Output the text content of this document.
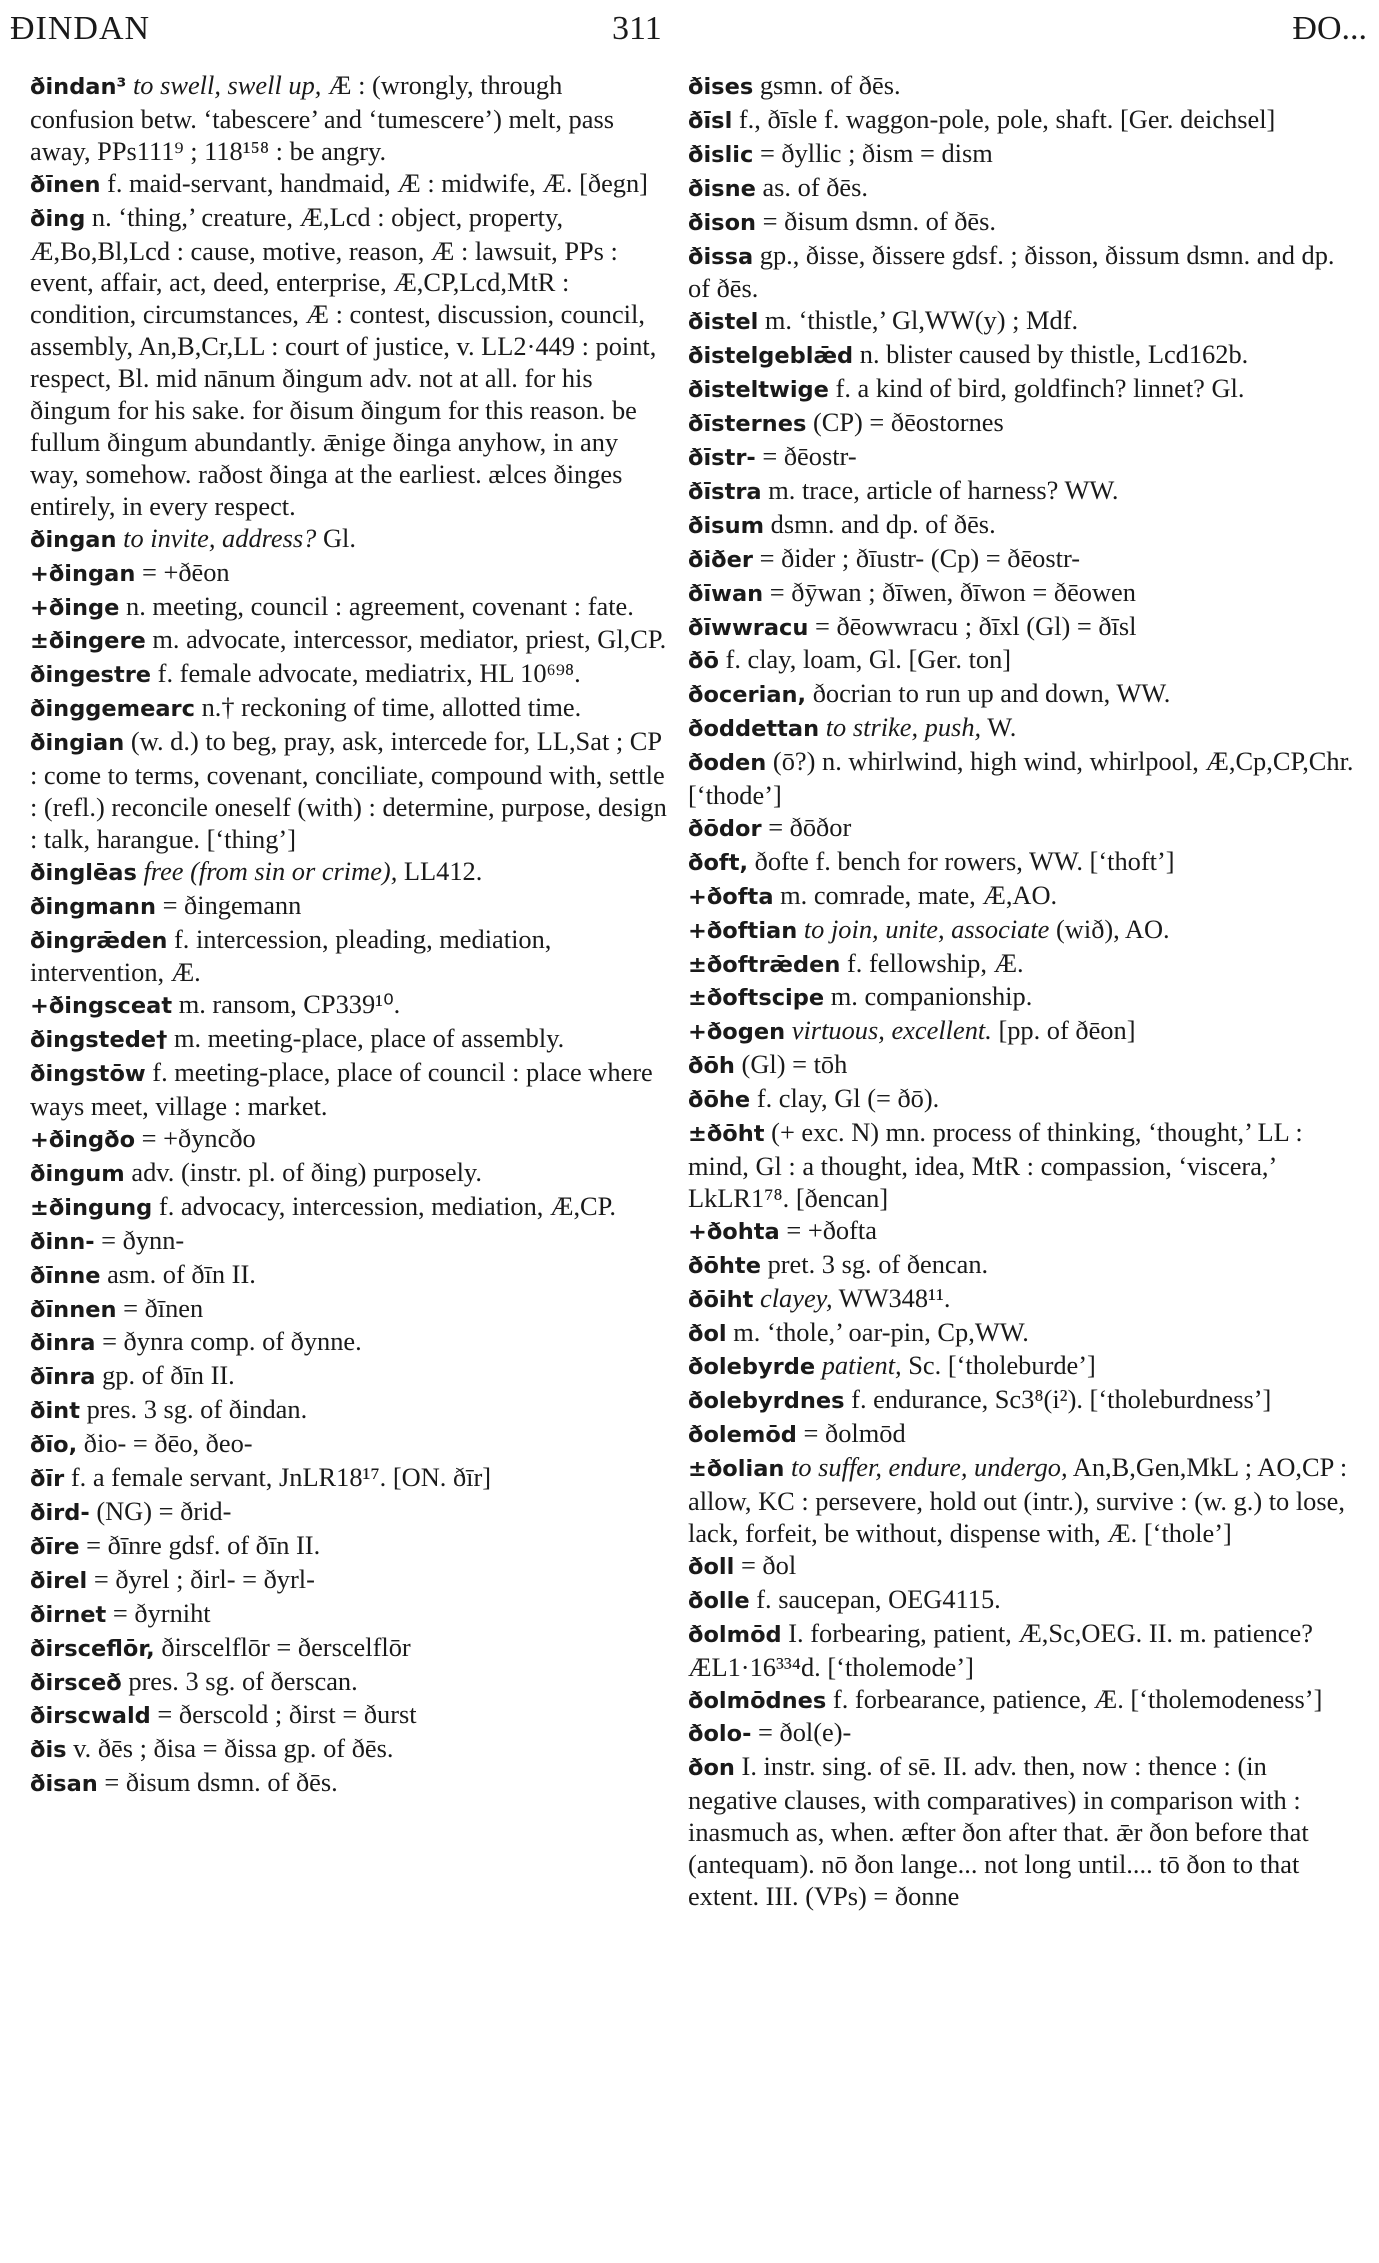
ÐINDAN	311	ÐO...

ðindan³ to swell, swell up, Æ : (wrongly, through confusion betw. ‘tabescere’ and ‘tumescere’) melt, pass away, PPs111⁹ ; 118¹⁵⁸ : be angry.

ðīnen f. maid-servant, handmaid, Æ : midwife, Æ. [ðegn]

ðing n. ‘thing,’ creature, Æ,Lcd : object, property, Æ,Bo,Bl,Lcd : cause, motive, reason, Æ : lawsuit, PPs : event, affair, act, deed, enterprise, Æ,CP,Lcd,MtR : condition, circumstances, Æ : contest, discussion, council, assembly, An,B,Cr,LL : court of justice, v. LL2·449 : point, respect, Bl. mid nānum ðingum adv. not at all. for his ðingum for his sake. for ðisum ðingum for this reason. be fullum ðingum abundantly. ǣnige ðinga anyhow, in any way, somehow. raðost ðinga at the earliest. ælces ðinges entirely, in every respect.

ðingan to invite, address? Gl.

+ðingan = +ðēon

+ðinge n. meeting, council : agreement, covenant : fate.

±ðingere m. advocate, intercessor, mediator, priest, Gl,CP.

ðingestre f. female advocate, mediatrix, HL 10⁶⁹⁸.

ðinggemearc n.† reckoning of time, allotted time.

ðingian (w. d.) to beg, pray, ask, intercede for, LL,Sat ; CP : come to terms, covenant, conciliate, compound with, settle : (refl.) reconcile oneself (with) : determine, purpose, design : talk, harangue. [‘thing’]

ðinglēas free (from sin or crime), LL412.

ðingmann = ðingemann

ðingrǣden f. intercession, pleading, mediation, intervention, Æ.

+ðingsceat m. ransom, CP339¹⁰.

ðingstede† m. meeting-place, place of assembly.

ðingstōw f. meeting-place, place of council : place where ways meet, village : market.

+ðingðo = +ðyncðo

ðingum adv. (instr. pl. of ðing) purposely.

±ðingung f. advocacy, intercession, mediation, Æ,CP.

ðinn- = ðynn-

ðīnne asm. of ðīn II.

ðīnnen = ðīnen

ðinra = ðynra comp. of ðynne.

ðīnra gp. of ðīn II.

ðint pres. 3 sg. of ðindan.

ðīo, ðio- = ðēo, ðeo-

ðīr f. a female servant, JnLR18¹⁷. [ON. ðīr]

ðird- (NG) = ðrid-

ðīre = ðīnre gdsf. of ðīn II.

ðirel = ðyrel ; ðirl- = ðyrl-

ðirnet = ðyrniht

ðirsceflōr, ðirscelflōr = ðerscelflōr

ðirsceð pres. 3 sg. of ðerscan.

ðirscwald = ðerscold ; ðirst = ðurst

ðis v. ðēs ; ðisa = ðissa gp. of ðēs.

ðisan = ðisum dsmn. of ðēs.

ðises gsmn. of ðēs.

ðīsl f., ðīsle f. waggon-pole, pole, shaft. [Ger. deichsel]

ðislic = ðyllic ; ðism = dism

ðisne as. of ðēs.

ðison = ðisum dsmn. of ðēs.

ðissa gp., ðisse, ðissere gdsf. ; ðisson, ðissum dsmn. and dp. of ðēs.

ðistel m. ‘thistle,’ Gl,WW(y) ; Mdf.

ðistelgeblǣd n. blister caused by thistle, Lcd162b.

ðisteltwige f. a kind of bird, goldfinch? linnet? Gl.

ðīsternes (CP) = ðēostornes

ðīstr- = ðēostr-

ðīstra m. trace, article of harness? WW.

ðisum dsmn. and dp. of ðēs.

ðiðer = ðider ; ðīustr- (Cp) = ðēostr-

ðīwan = ðȳwan ; ðīwen, ðīwon = ðēowen

ðīwwracu = ðēowwracu ; ðīxl (Gl) = ðīsl

ðō f. clay, loam, Gl. [Ger. ton]

ðocerian, ðocrian to run up and down, WW.

ðoddettan to strike, push, W.

ðoden (ō?) n. whirlwind, high wind, whirlpool, Æ,Cp,CP,Chr. [‘thode’]

ðōdor = ðōðor

ðoft, ðofte f. bench for rowers, WW. [‘thoft’]

+ðofta m. comrade, mate, Æ,AO.

+ðoftian to join, unite, associate (wið), AO.

±ðoftrǣden f. fellowship, Æ.

±ðoftscipe m. companionship.

+ðogen virtuous, excellent. [pp. of ðēon]

ðōh (Gl) = tōh

ðōhe f. clay, Gl (= ðō).

±ðōht (+ exc. N) mn. process of thinking, ‘thought,’ LL : mind, Gl : a thought, idea, MtR : compassion, ‘viscera,’ LkLR1⁷⁸. [ðencan]

+ðohta = +ðofta

ðōhte pret. 3 sg. of ðencan.

ðōiht clayey, WW348¹¹.

ðol m. ‘thole,’ oar-pin, Cp,WW.

ðolebyrde patient, Sc. [‘tholeburde’]

ðolebyrdnes f. endurance, Sc3⁸(i²). [‘tholeburdness’]

ðolemōd = ðolmōd

±ðolian to suffer, endure, undergo, An,B,Gen,MkL ; AO,CP : allow, KC : persevere, hold out (intr.), survive : (w. g.) to lose, lack, forfeit, be without, dispense with, Æ. [‘thole’]

ðoll = ðol

ðolle f. saucepan, OEG4115.

ðolmōd I. forbearing, patient, Æ,Sc,OEG. II. m. patience? ÆL1·16³³⁴d. [‘tholemode’]

ðolmōdnes f. forbearance, patience, Æ. [‘tholemodeness’]

ðolo- = ðol(e)-

ðon I. instr. sing. of sē. II. adv. then, now : thence : (in negative clauses, with comparatives) in comparison with : inasmuch as, when. æfter ðon after that. ǣr ðon before that (antequam). nō ðon lange... not long until.... tō ðon to that extent. III. (VPs) = ðonne
